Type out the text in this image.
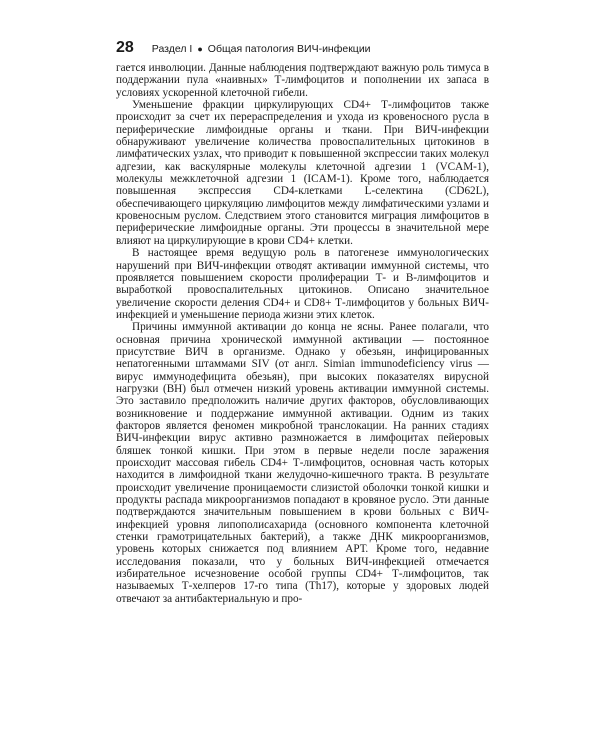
28 Раздел I ● Общая патология ВИЧ-инфекции

гается инволюции. Данные наблюдения подтверждают важную роль тимуса в поддержании пула «наивных» Т-лимфоцитов и пополнении их запаса в условиях ускоренной клеточной гибели.

Уменьшение фракции циркулирующих CD4+ Т-лимфоцитов также происходит за счет их перераспределения и ухода из кровеносного русла в периферические лимфоидные органы и ткани. При ВИЧ-инфекции обнаруживают увеличение количества провоспалительных цитокинов в лимфатических узлах, что приводит к повышенной экспрессии таких молекул адгезии, как васкулярные молекулы клеточной адгезии 1 (VCAM-1), молекулы межклеточной адгезии 1 (ICAM-1). Кроме того, наблюдается повышенная экспрессия CD4-клетками L-селектина (CD62L), обеспечивающего циркуляцию лимфоцитов между лимфатическими узлами и кровеносным руслом. Следствием этого становится миграция лимфоцитов в периферические лимфоидные органы. Эти процессы в значительной мере влияют на циркулирующие в крови CD4+ клетки.

В настоящее время ведущую роль в патогенезе иммунологических нарушений при ВИЧ-инфекции отводят активации иммунной системы, что проявляется повышением скорости пролиферации Т- и В-лимфоцитов и выработкой провоспалительных цитокинов. Описано значительное увеличение скорости деления CD4+ и CD8+ Т-лимфоцитов у больных ВИЧ-инфекцией и уменьшение периода жизни этих клеток.

Причины иммунной активации до конца не ясны. Ранее полагали, что основная причина хронической иммунной активации — постоянное присутствие ВИЧ в организме. Однако у обезьян, инфицированных непатогенными штаммами SIV (от англ. Simian immunodeficiency virus — вирус иммунодефицита обезьян), при высоких показателях вирусной нагрузки (ВН) был отмечен низкий уровень активации иммунной системы. Это заставило предположить наличие других факторов, обусловливающих возникновение и поддержание иммунной активации. Одним из таких факторов является феномен микробной транслокации. На ранних стадиях ВИЧ-инфекции вирус активно размножается в лимфоцитах пейеровых бляшек тонкой кишки. При этом в первые недели после заражения происходит массовая гибель CD4+ Т-лимфоцитов, основная часть которых находится в лимфоидной ткани желудочно-кишечного тракта. В результате происходит увеличение проницаемости слизистой оболочки тонкой кишки и продукты распада микроорганизмов попадают в кровяное русло. Эти данные подтверждаются значительным повышением в крови больных с ВИЧ-инфекцией уровня липополисахарида (основного компонента клеточной стенки грамотрицательных бактерий), а также ДНК микроорганизмов, уровень которых снижается под влиянием АРТ. Кроме того, недавние исследования показали, что у больных ВИЧ-инфекцией отмечается избирательное исчезновение особой группы CD4+ Т-лимфоцитов, так называемых Т-хелперов 17-го типа (Th17), которые у здоровых людей отвечают за антибактериальную и про-
